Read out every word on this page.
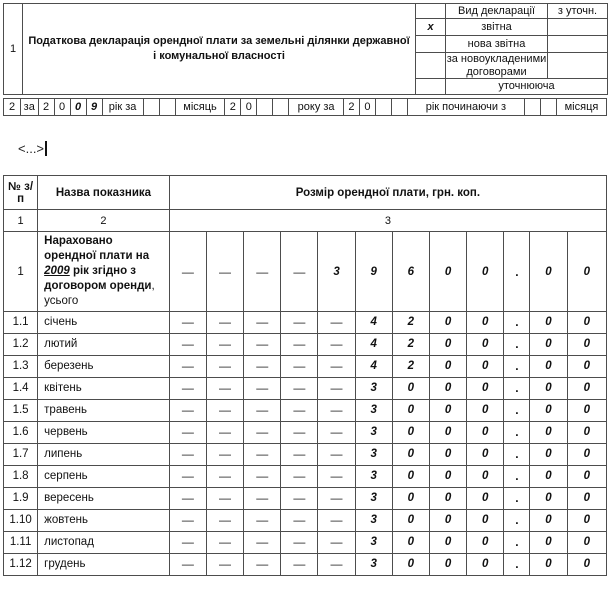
1	Податкова декларація орендної плати за земельні ділянки державної
і комунальної власності		Вид декларації	з уточн.
		x	звітна	
			нова звітна	
			за новоукладеними договорами	
			уточнююча	
2	за	2	0	0	9	рік за			місяць	2	0			року за	2	0			рік починаючи з			місяця
<...>
№ з/п	Назва показника	Розмір орендної плати, грн. коп.											
1	2	3											
1	Нараховано орендної плати на 2009 рік згідно з договором оренди, усього	—	—	—	—	3	9	6	0	0	.	0	0
1.1	січень	—	—	—	—	—	4	2	0	0	.	0	0
1.2	лютий	—	—	—	—	—	4	2	0	0	.	0	0
1.3	березень	—	—	—	—	—	4	2	0	0	.	0	0
1.4	квітень	—	—	—	—	—	3	0	0	0	.	0	0
1.5	травень	—	—	—	—	—	3	0	0	0	.	0	0
1.6	червень	—	—	—	—	—	3	0	0	0	.	0	0
1.7	липень	—	—	—	—	—	3	0	0	0	.	0	0
1.8	серпень	—	—	—	—	—	3	0	0	0	.	0	0
1.9	вересень	—	—	—	—	—	3	0	0	0	.	0	0
1.10	жовтень	—	—	—	—	—	3	0	0	0	.	0	0
1.11	листопад	—	—	—	—	—	3	0	0	0	.	0	0
1.12	грудень	—	—	—	—	—	3	0	0	0	.	0	0
